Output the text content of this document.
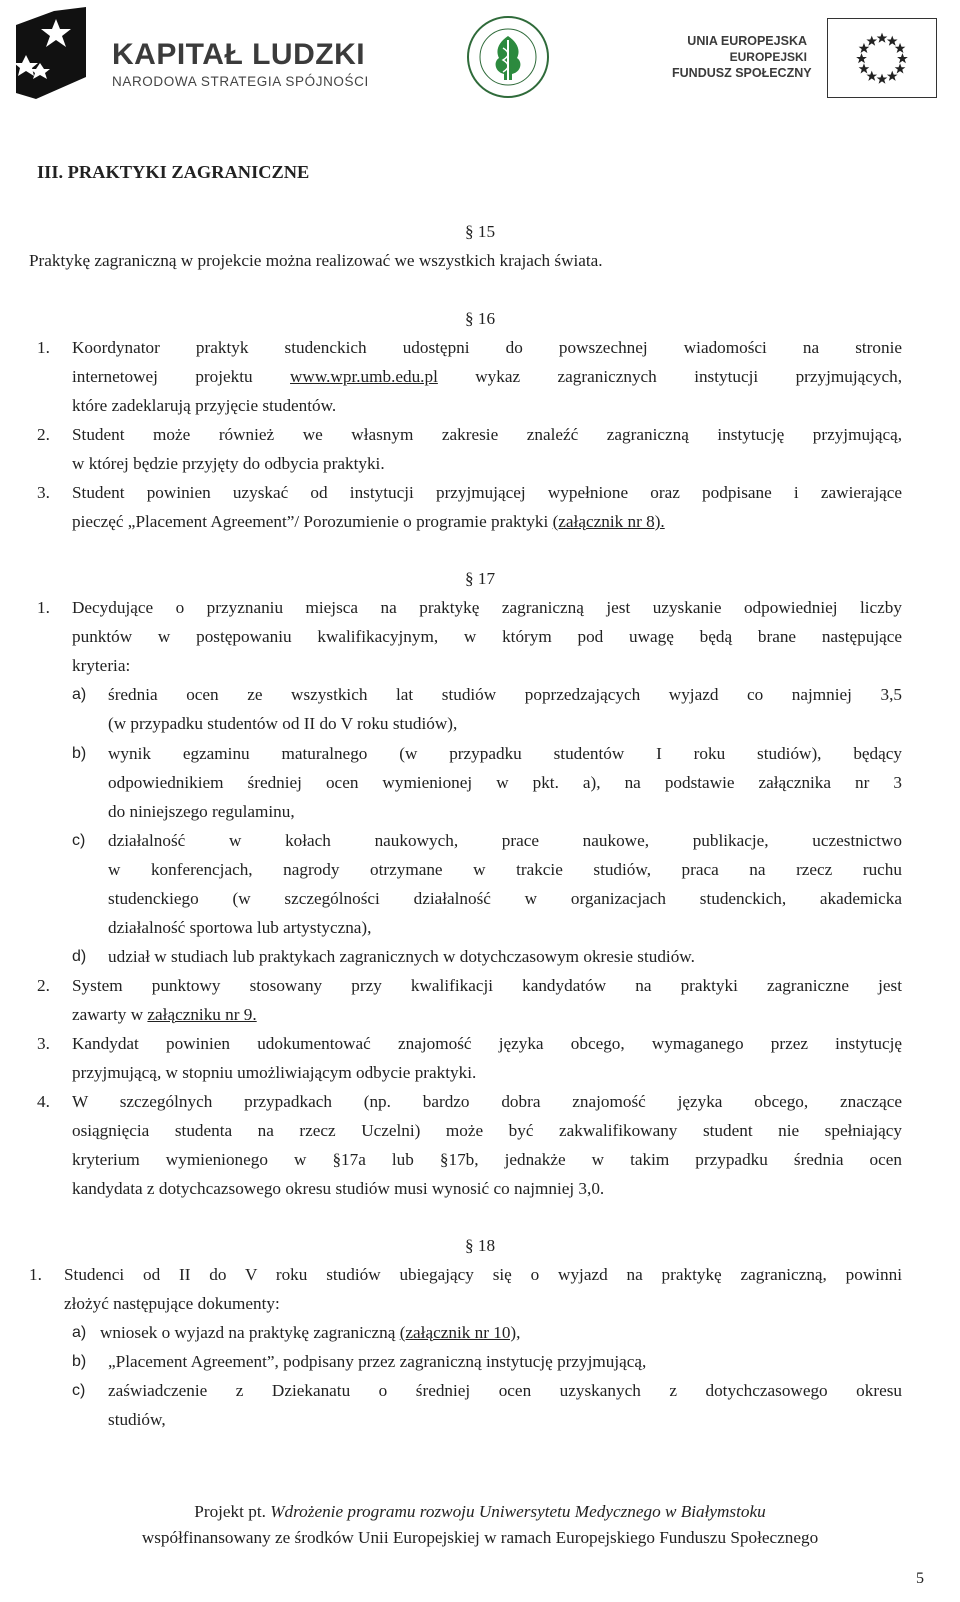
KAPITAŁ LUDZKI
NARODOWA STRATEGIA SPÓJNOŚCI
UNIA EUROPEJSKA
EUROPEJSKI
FUNDUSZ SPOŁECZNY
III. PRAKTYKI ZAGRANICZNE
§ 15
Praktykę zagraniczną w projekcie można realizować we wszystkich krajach świata.
§ 16
1. Koordynator praktyk studenckich udostępni do powszechnej wiadomości na stronie
internetowej projektu www.wpr.umb.edu.pl wykaz zagranicznych instytucji przyjmujących,
które zadeklarują przyjęcie studentów.
2. Student może również we własnym zakresie znaleźć zagraniczną instytucję przyjmującą,
w której będzie przyjęty do odbycia praktyki.
3. Student powinien uzyskać od instytucji przyjmującej wypełnione oraz podpisane i zawierające
pieczęć „Placement Agreement”/ Porozumienie o programie praktyki (załącznik nr 8).
§ 17
1. Decydujące o przyznaniu miejsca na praktykę zagraniczną jest uzyskanie odpowiedniej liczby
punktów w postępowaniu kwalifikacyjnym, w którym pod uwagę będą brane następujące
kryteria:
a) średnia ocen ze wszystkich lat studiów poprzedzających wyjazd co najmniej 3,5
(w przypadku studentów od II do V roku studiów),
b) wynik egzaminu maturalnego (w przypadku studentów I roku studiów), będący
odpowiednikiem średniej ocen wymienionej w pkt. a), na podstawie załącznika nr 3
do niniejszego regulaminu,
c) działalność w kołach naukowych, prace naukowe, publikacje, uczestnictwo
w konferencjach, nagrody otrzymane w trakcie studiów, praca na rzecz ruchu
studenckiego (w szczególności działalność w organizacjach studenckich, akademicka
działalność sportowa lub artystyczna),
d) udział w studiach lub praktykach zagranicznych w dotychczasowym okresie studiów.
2. System punktowy stosowany przy kwalifikacji kandydatów na praktyki zagraniczne jest
zawarty w załączniku nr 9.
3. Kandydat powinien udokumentować znajomość języka obcego, wymaganego przez instytucję
przyjmującą, w stopniu umożliwiającym odbycie praktyki.
4. W szczególnych przypadkach (np. bardzo dobra znajomość języka obcego, znaczące
osiągnięcia studenta na rzecz Uczelni) może być zakwalifikowany student nie spełniający
kryterium wymienionego w §17a lub §17b, jednakże w takim przypadku średnia ocen
kandydata z dotychcazsowego okresu studiów musi wynosić co najmniej 3,0.
§ 18
1. Studenci od II do V roku studiów ubiegający się o wyjazd na praktykę zagraniczną, powinni
złożyć następujące dokumenty:
a) wniosek o wyjazd na praktykę zagraniczną (załącznik nr 10),
b) „Placement Agreement”, podpisany przez zagraniczną instytucję przyjmującą,
c) zaświadczenie z Dziekanatu o średniej ocen uzyskanych z dotychczasowego okresu
studiów,
Projekt pt. Wdrożenie programu rozwoju Uniwersytetu Medycznego w Białymstoku
współfinansowany ze środków Unii Europejskiej w ramach Europejskiego Funduszu Społecznego
5
